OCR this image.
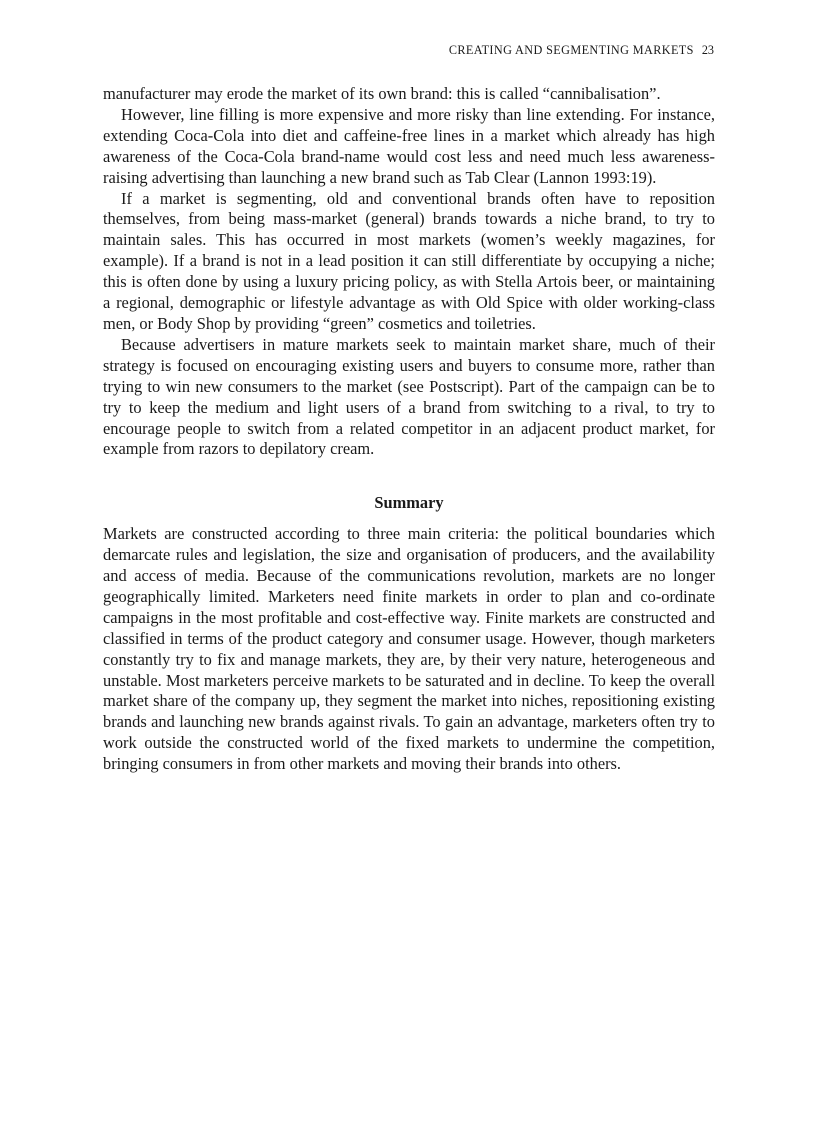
CREATING AND SEGMENTING MARKETS 23

manufacturer may erode the market of its own brand: this is called “cannibalisation”.

However, line filling is more expensive and more risky than line extending. For instance, extending Coca-Cola into diet and caffeine-free lines in a market which already has high awareness of the Coca-Cola brand-name would cost less and need much less awareness-raising advertising than launching a new brand such as Tab Clear (Lannon 1993:19).

If a market is segmenting, old and conventional brands often have to reposition themselves, from being mass-market (general) brands towards a niche brand, to try to maintain sales. This has occurred in most markets (women’s weekly magazines, for example). If a brand is not in a lead position it can still differentiate by occupying a niche; this is often done by using a luxury pricing policy, as with Stella Artois beer, or maintaining a regional, demographic or lifestyle advantage as with Old Spice with older working-class men, or Body Shop by providing “green” cosmetics and toiletries.

Because advertisers in mature markets seek to maintain market share, much of their strategy is focused on encouraging existing users and buyers to consume more, rather than trying to win new consumers to the market (see Postscript). Part of the campaign can be to try to keep the medium and light users of a brand from switching to a rival, to try to encourage people to switch from a related competitor in an adjacent product market, for example from razors to depilatory cream.

Summary

Markets are constructed according to three main criteria: the political boundaries which demarcate rules and legislation, the size and organisation of producers, and the availability and access of media. Because of the communications revolution, markets are no longer geographically limited. Marketers need finite markets in order to plan and co-ordinate campaigns in the most profitable and cost-effective way. Finite markets are constructed and classified in terms of the product category and consumer usage. However, though marketers constantly try to fix and manage markets, they are, by their very nature, heterogeneous and unstable. Most marketers perceive markets to be saturated and in decline. To keep the overall market share of the company up, they segment the market into niches, repositioning existing brands and launching new brands against rivals. To gain an advantage, marketers often try to work outside the constructed world of the fixed markets to undermine the competition, bringing consumers in from other markets and moving their brands into others.
